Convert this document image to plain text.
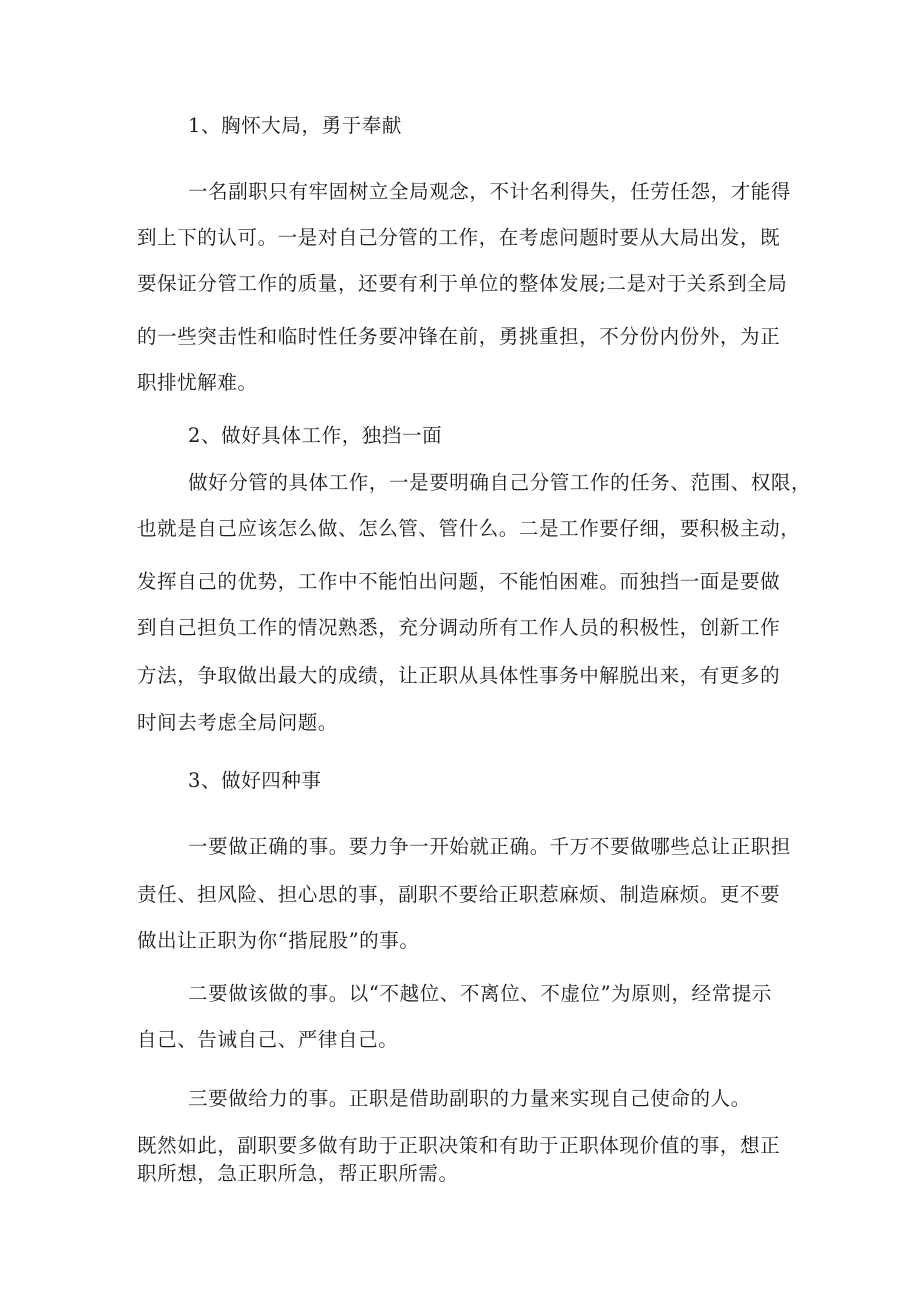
1、胸怀大局，勇于奉献
一名副职只有牢固树立全局观念，不计名利得失，任劳任怨，才能得
到上下的认可。一是对自己分管的工作，在考虑问题时要从大局出发，既
要保证分管工作的质量，还要有利于单位的整体发展;二是对于关系到全局
的一些突击性和临时性任务要冲锋在前，勇挑重担，不分份内份外，为正
职排忧解难。
2、做好具体工作，独挡一面
做好分管的具体工作，一是要明确自己分管工作的任务、范围、权限，
也就是自己应该怎么做、怎么管、管什么。二是工作要仔细，要积极主动，
发挥自己的优势，工作中不能怕出问题，不能怕困难。而独挡一面是要做
到自己担负工作的情况熟悉，充分调动所有工作人员的积极性，创新工作
方法，争取做出最大的成绩，让正职从具体性事务中解脱出来，有更多的
时间去考虑全局问题。
3、做好四种事
一要做正确的事。要力争一开始就正确。千万不要做哪些总让正职担
责任、担风险、担心思的事，副职不要给正职惹麻烦、制造麻烦。更不要
做出让正职为你“揩屁股”的事。
二要做该做的事。以“不越位、不离位、不虚位”为原则，经常提示
自己、告诫自己、严律自己。
三要做给力的事。正职是借助副职的力量来实现自己使命的人。
既然如此，副职要多做有助于正职决策和有助于正职体现价值的事，想正
职所想，急正职所急，帮正职所需。
